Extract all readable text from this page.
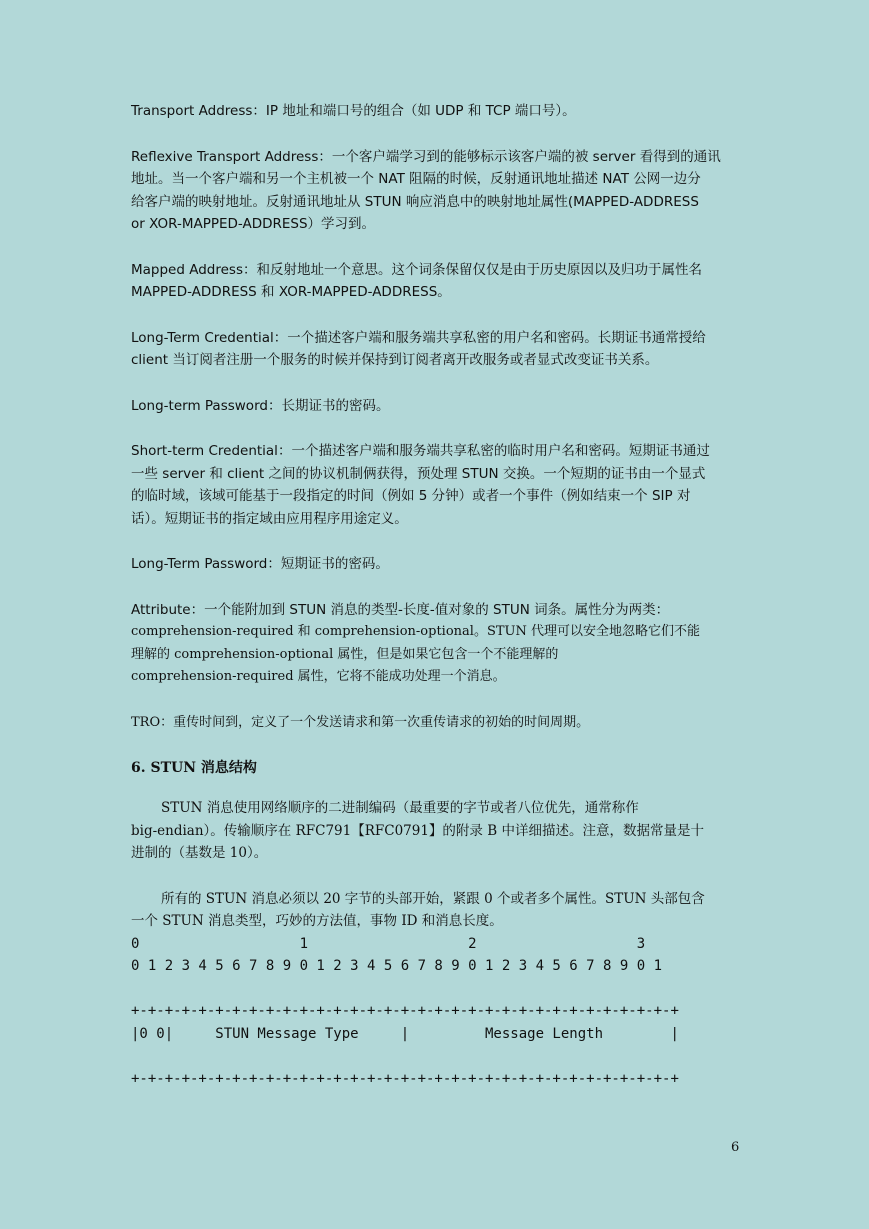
Transport Address：IP 地址和端口号的组合（如 UDP 和 TCP 端口号）。
Reflexive Transport Address：一个客户端学习到的能够标示该客户端的被 server 看得到的通讯
地址。当一个客户端和另一个主机被一个 NAT 阻隔的时候，反射通讯地址描述 NAT 公网一边分
给客户端的映射地址。反射通讯地址从 STUN 响应消息中的映射地址属性(MAPPED-ADDRESS
or XOR-MAPPED-ADDRESS）学习到。
Mapped Address：和反射地址一个意思。这个词条保留仅仅是由于历史原因以及归功于属性名
MAPPED-ADDRESS 和 XOR-MAPPED-ADDRESS。
Long-Term Credential：一个描述客户端和服务端共享私密的用户名和密码。长期证书通常授给
client 当订阅者注册一个服务的时候并保持到订阅者离开改服务或者显式改变证书关系。
Long-term Password：长期证书的密码。
Short-term Credential：一个描述客户端和服务端共享私密的临时用户名和密码。短期证书通过
一些 server 和 client 之间的协议机制俩获得，预处理 STUN 交换。一个短期的证书由一个显式
的临时域，该域可能基于一段指定的时间（例如 5 分钟）或者一个事件（例如结束一个 SIP 对
话）。短期证书的指定域由应用程序用途定义。
Long-Term Password：短期证书的密码。
Attribute：一个能附加到 STUN 消息的类型-长度-值对象的 STUN 词条。属性分为两类：
comprehension-required 和 comprehension-optional。STUN 代理可以安全地忽略它们不能
理解的 comprehension-optional 属性，但是如果它包含一个不能理解的
comprehension-required 属性，它将不能成功处理一个消息。
TRO：重传时间到，定义了一个发送请求和第一次重传请求的初始的时间周期。
6. STUN 消息结构
STUN 消息使用网络顺序的二进制编码（最重要的字节或者八位优先，通常称作
big-endian）。传输顺序在 RFC791【RFC0791】的附录 B 中详细描述。注意，数据常量是十
进制的（基数是 10）。
所有的 STUN 消息必须以 20 字节的头部开始，紧跟 0 个或者多个属性。STUN 头部包含
一个 STUN 消息类型，巧妙的方法值，事物 ID 和消息长度。
0                   1                   2                   3
0 1 2 3 4 5 6 7 8 9 0 1 2 3 4 5 6 7 8 9 0 1 2 3 4 5 6 7 8 9 0 1
+-+-+-+-+-+-+-+-+-+-+-+-+-+-+-+-+-+-+-+-+-+-+-+-+-+-+-+-+-+-+-+-+
|0 0|     STUN Message Type     |         Message Length        |
+-+-+-+-+-+-+-+-+-+-+-+-+-+-+-+-+-+-+-+-+-+-+-+-+-+-+-+-+-+-+-+-+
6
